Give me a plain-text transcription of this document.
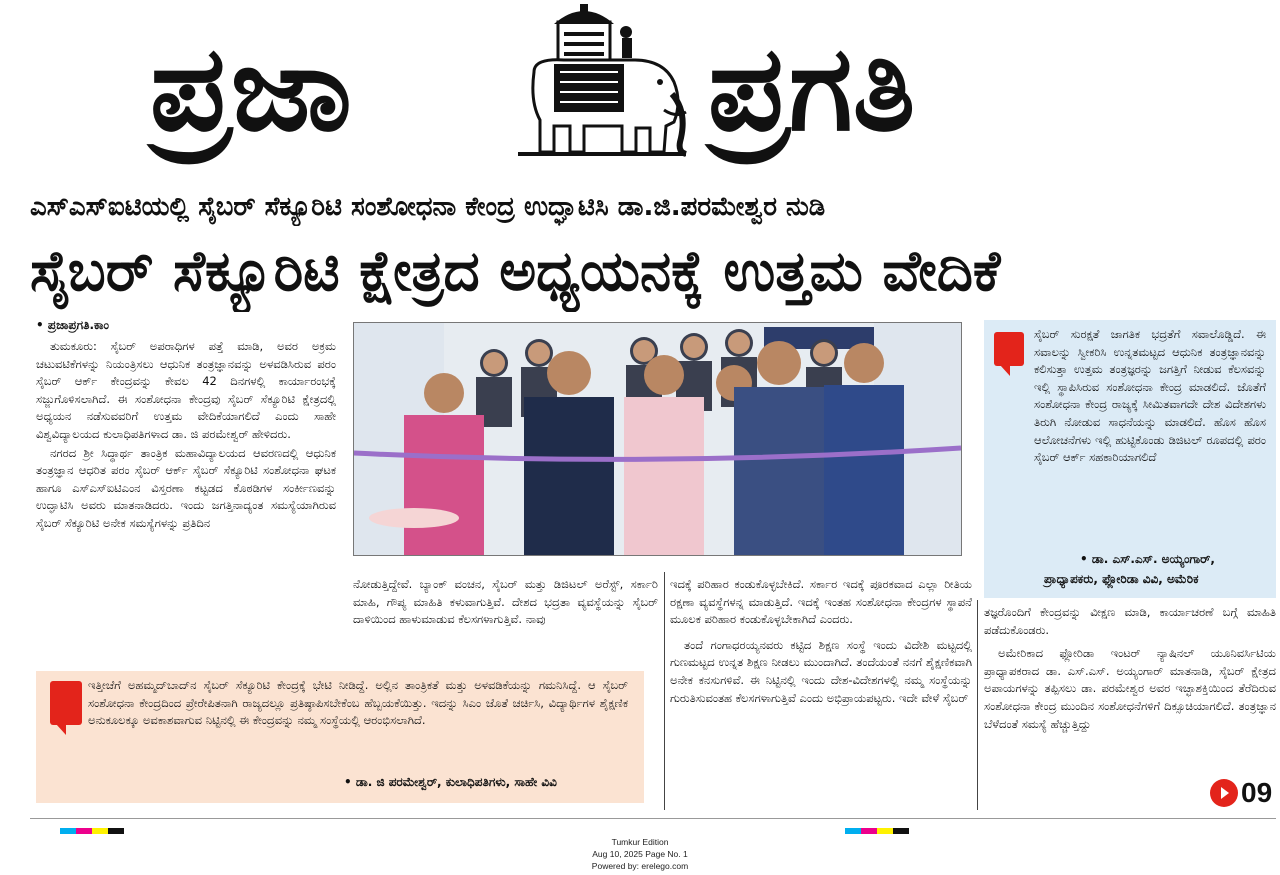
ಪ್ರಜಾ	ಪ್ರಗತಿ
ಎಸ್ಎಸ್ಐಟಿಯಲ್ಲಿ ಸೈಬರ್ ಸೆಕ್ಯೂರಿಟಿ ಸಂಶೋಧನಾ ಕೇಂದ್ರ ಉದ್ಘಾಟಿಸಿ ಡಾ.ಜಿ.ಪರಮೇಶ್ವರ ನುಡಿ
ಸೈಬರ್ ಸೆಕ್ಯೂರಿಟಿ ಕ್ಷೇತ್ರದ ಅಧ್ಯಯನಕ್ಕೆ ಉತ್ತಮ ವೇದಿಕೆ
• ಪ್ರಜಾಪ್ರಗತಿ.ಕಾಂ

ತುಮಕೂರು: ಸೈಬರ್ ಅಪರಾಧಿಗಳ ಪತ್ತೆ ಮಾಡಿ, ಅವರ ಅಕ್ರಮ ಚಟುವಟಿಕೆಗಳನ್ನು ನಿಯಂತ್ರಿಸಲು ಆಧುನಿಕ ತಂತ್ರಜ್ಞಾನವನ್ನು ಅಳವಡಿಸಿರುವ ಪರಂ ಸೈಬರ್ ಆರ್ಕ್ ಕೇಂದ್ರವನ್ನು ಕೇವಲ 42 ದಿನಗಳಲ್ಲಿ ಕಾರ್ಯಾರಂಭಕ್ಕೆ ಸಜ್ಜುಗೊಳಿಸಲಾಗಿದೆ. ಈ ಸಂಶೋಧನಾ ಕೇಂದ್ರವು ಸೈಬರ್ ಸೆಕ್ಯೂರಿಟಿ ಕ್ಷೇತ್ರದಲ್ಲಿ ಅಧ್ಯಯನ ನಡೆಸುವವರಿಗೆ ಉತ್ತಮ ವೇದಿಕೆಯಾಗಲಿದೆ ಎಂದು ಸಾಹೇ ವಿಶ್ವವಿದ್ಯಾಲಯದ ಕುಲಾಧಿಪತಿಗಳಾದ ಡಾ. ಜಿ ಪರಮೇಶ್ವರ್ ಹೇಳಿದರು.

ನಗರದ ಶ್ರೀ ಸಿದ್ಧಾರ್ಥ ತಾಂತ್ರಿಕ ಮಹಾವಿದ್ಯಾಲಯದ ಆವರಣದಲ್ಲಿ ಆಧುನಿಕ ತಂತ್ರಜ್ಞಾನ ಆಧರಿತ ಪರಂ ಸೈಬರ್ ಆರ್ಕ್ ಸೈಬರ್ ಸೆಕ್ಯೂರಿಟಿ ಸಂಶೋಧನಾ ಘಟಕ ಹಾಗೂ ಎಸ್ಎಸ್ಐಟಿಎಂನ ವಿಸ್ತರಣಾ ಕಟ್ಟಡದ ಕೊಠಡಿಗಳ ಸಂರ್ಕೀಣವನ್ನು ಉದ್ಘಾಟಿಸಿ ಅವರು ಮಾತನಾಡಿದರು. ಇಂದು ಜಗತ್ತಿನಾದ್ಯಂತ ಸಮಸ್ಯೆಯಾಗಿರುವ ಸೈಬರ್ ಸೆಕ್ಯೂರಿಟಿ ಅನೇಕ ಸಮಸ್ಯೆಗಳನ್ನು ಪ್ರತಿದಿನ

ಸೈಬರ್ ಸುರಕ್ಷತೆ ಜಾಗತಿಕ ಭದ್ರತೆಗೆ ಸವಾಲೊಡ್ಡಿದೆ. ಈ ಸವಾಲನ್ನು ಸ್ವೀಕರಿಸಿ ಉನ್ನತಮಟ್ಟದ ಆಧುನಿಕ ತಂತ್ರಜ್ಞಾನವನ್ನು ಕಲಿಸುತ್ತಾ ಉತ್ತಮ ತಂತ್ರಜ್ಞರನ್ನು ಜಗತ್ತಿಗೆ ನೀಡುವ ಕೆಲಸವನ್ನು ಇಲ್ಲಿ ಸ್ಥಾಪಿಸಿರುವ ಸಂಶೋಧನಾ ಕೇಂದ್ರ ಮಾಡಲಿದೆ. ಜೊತೆಗೆ ಸಂಶೋಧನಾ ಕೇಂದ್ರ ರಾಜ್ಯಕ್ಕೆ ಸೀಮಿತವಾಗದೇ ದೇಶ ವಿದೇಶಗಳು ತಿರುಗಿ ನೋಡುವ ಸಾಧನೆಯನ್ನು ಮಾಡಲಿದೆ. ಹೊಸ ಹೊಸ ಆಲೋಚನೆಗಳು ಇಲ್ಲಿ ಹುಟ್ಟಿಕೊಂಡು ಡಿಜಿಟಲ್ ರೂಪದಲ್ಲಿ ಪರಂ ಸೈಬರ್ ಆರ್ಕ್ ಸಹಕಾರಿಯಾಗಲಿದೆ
• ಡಾ. ಎಸ್.ಎಸ್. ಅಯ್ಯಂಗಾರ್,
ಪ್ರಾಧ್ಯಾಪಕರು, ಫ್ಲೋರಿಡಾ ವಿವಿ, ಅಮೆರಿಕ

ನೋಡುತ್ತಿದ್ದೇವೆ. ಬ್ಯಾಂಕ್ ವಂಚನ, ಸೈಬರ್ ಮತ್ತು ಡಿಜಿಟಲ್ ಅರೆಸ್ಟ್, ಸರ್ಕಾರಿ ಮಾಹಿ, ಗೌಪ್ಯ ಮಾಹಿತಿ ಕಳುವಾಗುತ್ತಿವೆ. ದೇಶದ ಭದ್ರತಾ ವ್ಯವಸ್ಥೆಯನ್ನು ಸೈಬರ್ ದಾಳಿಯಿಂದ ಹಾಳುಮಾಡುವ ಕೆಲಸಗಳಾಗುತ್ತಿವೆ. ನಾವು

ಇದಕ್ಕೆ ಪರಿಹಾರ ಕಂಡುಕೊಳ್ಳಬೇಕಿದೆ. ಸರ್ಕಾರ ಇದಕ್ಕೆ ಪೂರಕವಾದ ಎಲ್ಲಾ ರೀತಿಯ ರಕ್ಷಣಾ ವ್ಯವಸ್ಥೆಗಳನ್ನ ಮಾಡುತ್ತಿದೆ. ಇದಕ್ಕೆ ಇಂತಹ ಸಂಶೋಧನಾ ಕೇಂದ್ರಗಳ ಸ್ಥಾಪನೆ ಮೂಲಕ ಪರಿಹಾರ ಕಂಡುಕೊಳ್ಳಬೇಕಾಗಿದೆ ಎಂದರು.

ತಂದೆ ಗಂಗಾಧರಯ್ಯನವರು ಕಟ್ಟಿದ ಶಿಕ್ಷಣ ಸಂಸ್ಥೆ ಇಂದು ವಿದೇಶಿ ಮಟ್ಟದಲ್ಲಿ ಗುಣಮಟ್ಟದ ಉನ್ನತ ಶಿಕ್ಷಣ ನೀಡಲು ಮುಂದಾಗಿದೆ. ತಂದೆಯಂತೆ ನನಗೆ ಶೈಕ್ಷಣಿಕವಾಗಿ ಅನೇಕ ಕನಸುಗಳಿವೆ. ಈ ನಿಟ್ಟಿನಲ್ಲಿ ಇಂದು ದೇಶ-ವಿದೇಶಗಳಲ್ಲಿ ನಮ್ಮ ಸಂಸ್ಥೆಯನ್ನು ಗುರುತಿಸುವಂತಹ ಕೆಲಸಗಳಾಗುತ್ತಿವೆ ಎಂದು ಅಭಿಪ್ರಾಯಪಟ್ಟರು. ಇದೇ ವೇಳೆ ಸೈಬರ್

ತಜ್ಞರೊಂದಿಗೆ ಕೇಂದ್ರವನ್ನು ವೀಕ್ಷಣ ಮಾಡಿ, ಕಾರ್ಯಾಚರಣೆ ಬಗ್ಗೆ ಮಾಹಿತಿ ಪಡೆದುಕೊಂಡರು.

ಅಮೇರಿಕಾದ ಫ್ಲೋರಿಡಾ ಇಂಟರ್ ನ್ಯಾಷಿನಲ್ ಯೂನಿವರ್ಸಿಟಿಯ ಪ್ರಾಧ್ಯಾಪಕರಾದ ಡಾ. ಎಸ್.ಎಸ್. ಅಯ್ಯಂಗಾರ್ ಮಾತನಾಡಿ, ಸೈಬರ್ ಕ್ಷೇತ್ರದ ಅಪಾಯಗಳನ್ನು ತಪ್ಪಿಸಲು ಡಾ. ಪರಮೇಶ್ವರ ಅವರ ಇಚ್ಛಾಶಕ್ತಿಯಿಂದ ತೆರೆದಿರುವ ಸಂಶೋಧನಾ ಕೇಂದ್ರ ಮುಂದಿನ ಸಂಶೋಧನೆಗಳಿಗೆ ದಿಕ್ಸೂಚಿಯಾಗಲಿದೆ. ತಂತ್ರಜ್ಞಾನ ಬೆಳೆದಂತೆ ಸಮಸ್ಯೆ ಹೆಚ್ಚುತ್ತಿದ್ದು

ಇತ್ತೀಚೆಗೆ ಅಹಮ್ಮದ್‌ಬಾದ್‌ನ ಸೈಬರ್ ಸೆಕ್ಯೂರಿಟಿ ಕೇಂದ್ರಕ್ಕೆ ಭೇಟಿ ನೀಡಿದ್ದೆ. ಅಲ್ಲಿನ ತಾಂತ್ರಿಕತೆ ಮತ್ತು ಅಳವಡಿಕೆಯನ್ನು ಗಮನಿಸಿದ್ದೆ. ಆ ಸೈಬರ್ ಸಂಶೋಧನಾ ಕೇಂದ್ರದಿಂದ ಪ್ರೇರೇಪಿತನಾಗಿ ರಾಜ್ಯದಲ್ಲೂ ಪ್ರತಿಷ್ಠಾಪಿಸಬೇಕೆಂಬ ಹೆಬ್ಬಯಕೆಯಿತ್ತು. ಇದನ್ನು ಸಿಎಂ ಜೊತೆ ಚರ್ಚಿಸಿ, ವಿದ್ಯಾರ್ಥಿಗಳ ಶೈಕ್ಷಣಿಕ ಅನುಕೂಲಕ್ಕೂ ಅವಕಾಶವಾಗುವ ನಿಟ್ಟಿನಲ್ಲಿ ಈ ಕೇಂದ್ರವನ್ನು ನಮ್ಮ ಸಂಸ್ಥೆಯಲ್ಲಿ ಆರಂಭಿಸಲಾಗಿದೆ.
• ಡಾ. ಜಿ ಪರಮೇಶ್ವರ್, ಕುಲಾಧಿಪತಿಗಳು, ಸಾಹೇ ವಿವಿ	09
Tumkur Edition
Aug 10, 2025 Page No. 1
Powered by: erelego.com
